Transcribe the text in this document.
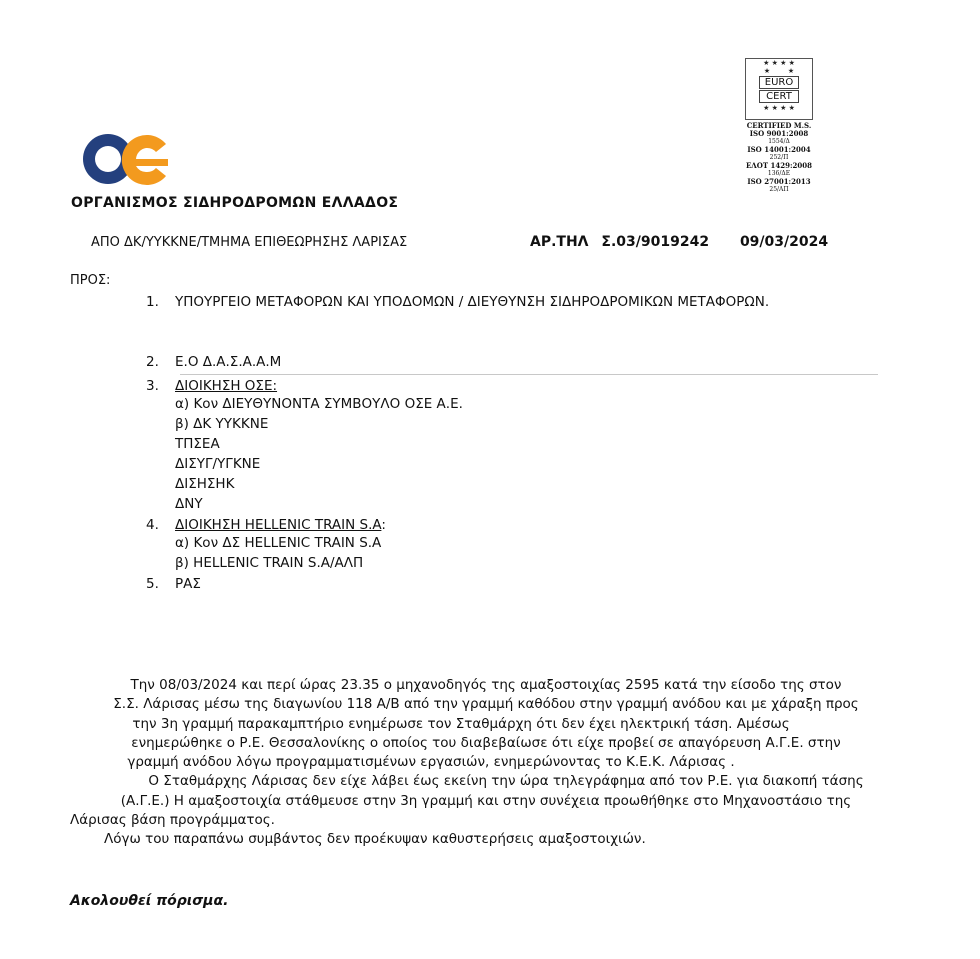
ΟΡΓΑΝΙΣΜΟΣ ΣΙΔΗΡΟΔΡΟΜΩΝ ΕΛΛΑΔΟΣ
★ ★ ★ ★
★        ★
EURO
CERT
★ ★ ★ ★
CERTIFIED M.S.
ISO 9001:2008
1554/Δ
ISO 14001:2004
252/Π
ΕΛΟΤ 1429:2008
136/ΔΕ
ISO 27001:2013
25/ΑΠ
ΑΠΟ ΔΚ/ΥΥΚΚΝΕ/ΤΜΗΜΑ ΕΠΙΘΕΩΡΗΣΗΣ ΛΑΡΙΣΑΣ	ΑΡ.ΤΗΛ Σ.03/9019242 09/03/2024
ΠΡΟΣ:
1. ΥΠΟΥΡΓΕΙΟ ΜΕΤΑΦΟΡΩΝ ΚΑΙ ΥΠΟΔΟΜΩΝ / ΔΙΕΥΘΥΝΣΗ ΣΙΔΗΡΟΔΡΟΜΙΚΩΝ ΜΕΤΑΦΟΡΩΝ.
2. Ε.Ο Δ.Α.Σ.Α.Α.Μ
3. ΔΙΟΙΚΗΣΗ ΟΣΕ:
α) Κον ΔΙΕΥΘΥΝΟΝΤΑ ΣΥΜΒΟΥΛΟ ΟΣΕ Α.Ε.
β) ΔΚ ΥΥΚΚΝΕ
ΤΠΣΕΑ
ΔΙΣΥΓ/ΥΓΚΝΕ
ΔΙΣΗΣΗΚ
ΔΝΥ
4. ΔΙΟΙΚΗΣΗ HELLENIC TRAIN S.A:
α) Κον ΔΣ HELLENIC TRAIN S.A
β) HELLENIC TRAIN S.A/ΑΛΠ
5. ΡΑΣ

Την 08/03/2024 και περί ώρας 23.35 ο μηχανοδηγός της αμαξοστοιχίας 2595 κατά την είσοδο της στον

Σ.Σ. Λάρισας μέσω της διαγωνίου 118 Α/Β από την γραμμή καθόδου στην γραμμή ανόδου και με χάραξη προς

την 3η γραμμή παρακαμπτήριο ενημέρωσε τον Σταθμάρχη ότι δεν έχει ηλεκτρική τάση. Αμέσως

ενημερώθηκε ο Ρ.Ε. Θεσσαλονίκης ο οποίος του διαβεβαίωσε ότι είχε προβεί σε απαγόρευση Α.Γ.Ε. στην

γραμμή ανόδου λόγω προγραμματισμένων εργασιών, ενημερώνοντας το Κ.Ε.Κ. Λάρισας .

Ο Σταθμάρχης Λάρισας δεν είχε λάβει έως εκείνη την ώρα τηλεγράφημα από τον Ρ.Ε. για διακοπή τάσης

(Α.Γ.Ε.) Η αμαξοστοιχία στάθμευσε στην 3η γραμμή και στην συνέχεια προωθήθηκε στο Μηχανοστάσιο της

Λάρισας βάση προγράμματος.

Λόγω του παραπάνω συμβάντος δεν προέκυψαν καθυστερήσεις αμαξοστοιχιών.

Ακολουθεί πόρισμα.
